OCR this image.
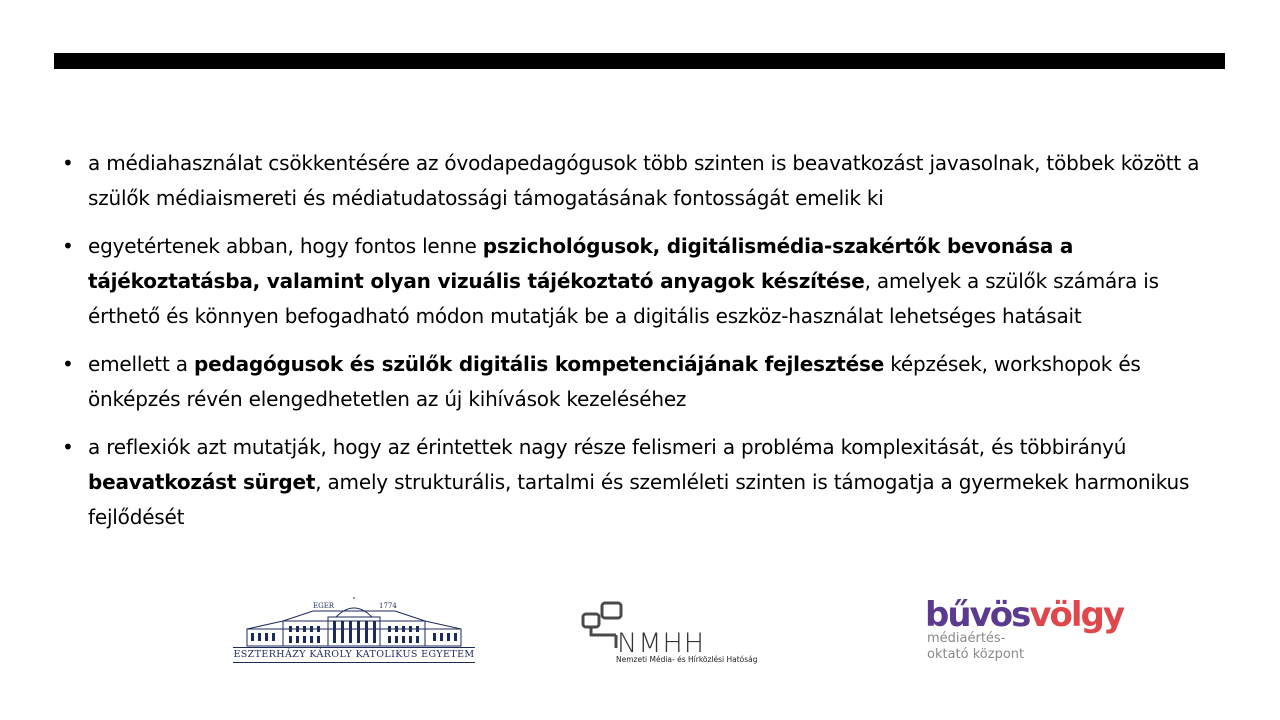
• a médiahasználat csökkentésére az óvodapedagógusok több szinten is beavatkozást javasolnak, többek között a szülők médiaismereti és médiatudatossági támogatásának fontosságát emelik ki
• egyetértenek abban, hogy fontos lenne pszichológusok, digitálismédia-szakértők bevonása a tájékoztatásba, valamint olyan vizuális tájékoztató anyagok készítése, amelyek a szülők számára is érthető és könnyen befogadható módon mutatják be a digitális eszköz-használat lehetséges hatásait
• emellett a pedagógusok és szülők digitális kompetenciájának fejlesztése képzések, workshopok és önképzés révén elengedhetetlen az új kihívások kezeléséhez
• a reflexiók azt mutatják, hogy az érintettek nagy része felismeri a probléma komplexitását, és többirányú beavatkozást sürget, amely strukturális, tartalmi és szemléleti szinten is támogatja a gyermekek harmonikus fejlődését
EGER	1774
ESZTERHÁZY KÁROLY KATOLIKUS EGYETEM	NMHH
Nemzeti Média- és Hírközlési Hatóság
bűvösvölgy
médiaértés-
oktató központ
